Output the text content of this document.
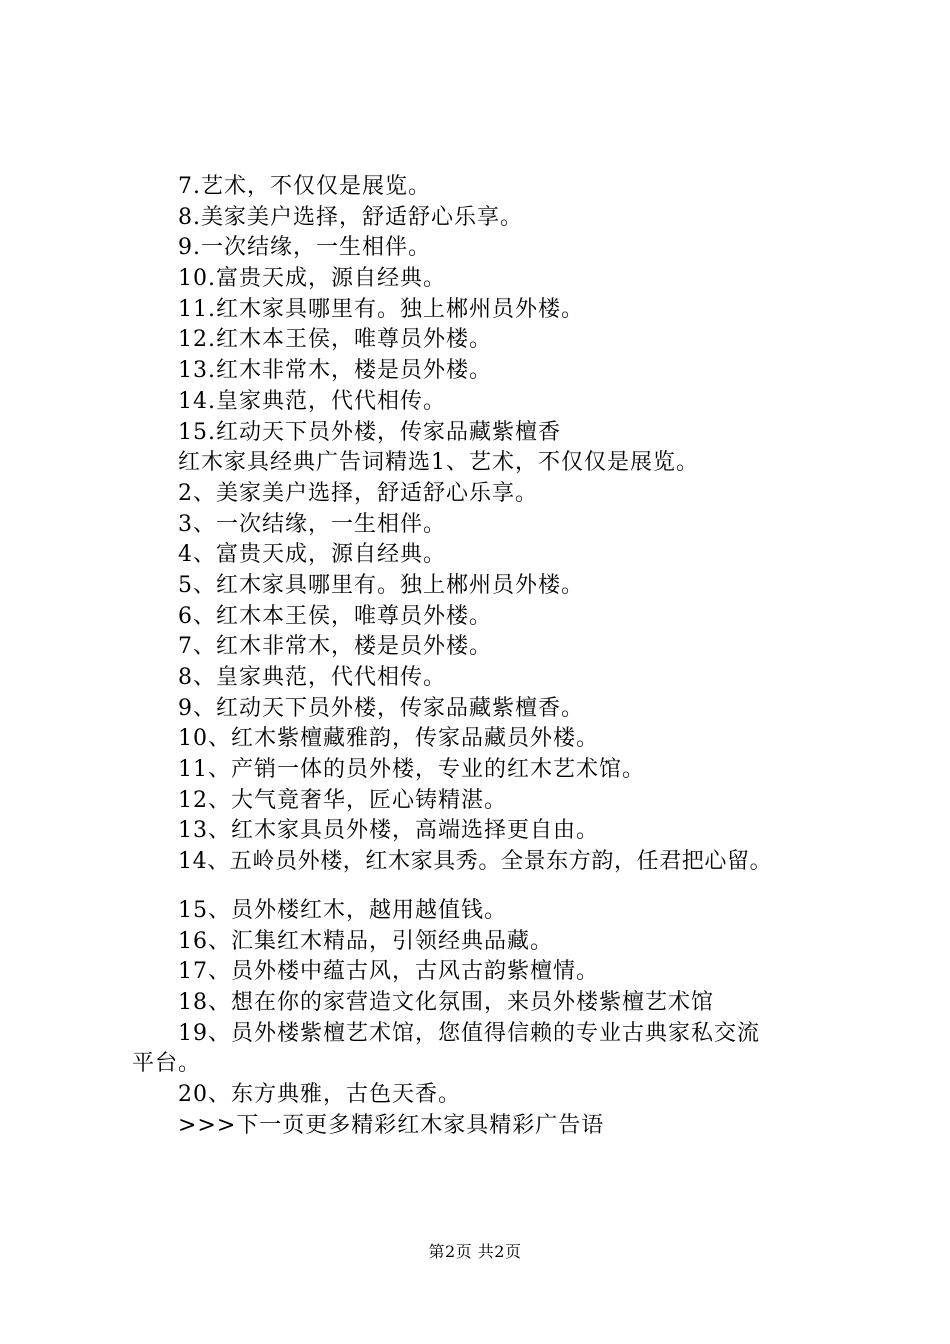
7.艺术，不仅仅是展览。
8.美家美户选择，舒适舒心乐享。
9.一次结缘，一生相伴。
10.富贵天成，源自经典。
11.红木家具哪里有。独上郴州员外楼。
12.红木本王侯，唯尊员外楼。
13.红木非常木，楼是员外楼。
14.皇家典范，代代相传。
15.红动天下员外楼，传家品藏紫檀香
红木家具经典广告词精选1、艺术，不仅仅是展览。
2、美家美户选择，舒适舒心乐享。
3、一次结缘，一生相伴。
4、富贵天成，源自经典。
5、红木家具哪里有。独上郴州员外楼。
6、红木本王侯，唯尊员外楼。
7、红木非常木，楼是员外楼。
8、皇家典范，代代相传。
9、红动天下员外楼，传家品藏紫檀香。
10、红木紫檀藏雅韵，传家品藏员外楼。
11、产销一体的员外楼，专业的红木艺术馆。
12、大气竟奢华，匠心铸精湛。
13、红木家具员外楼，高端选择更自由。
14、五岭员外楼，红木家具秀。全景东方韵，任君把心留。
15、员外楼红木，越用越值钱。
16、汇集红木精品，引领经典品藏。
17、员外楼中蕴古风，古风古韵紫檀情。
18、想在你的家营造文化氛围，来员外楼紫檀艺术馆
19、员外楼紫檀艺术馆，您值得信赖的专业古典家私交流
平台。
20、东方典雅，古色天香。
>>>下一页更多精彩红木家具精彩广告语
第2页 共2页
